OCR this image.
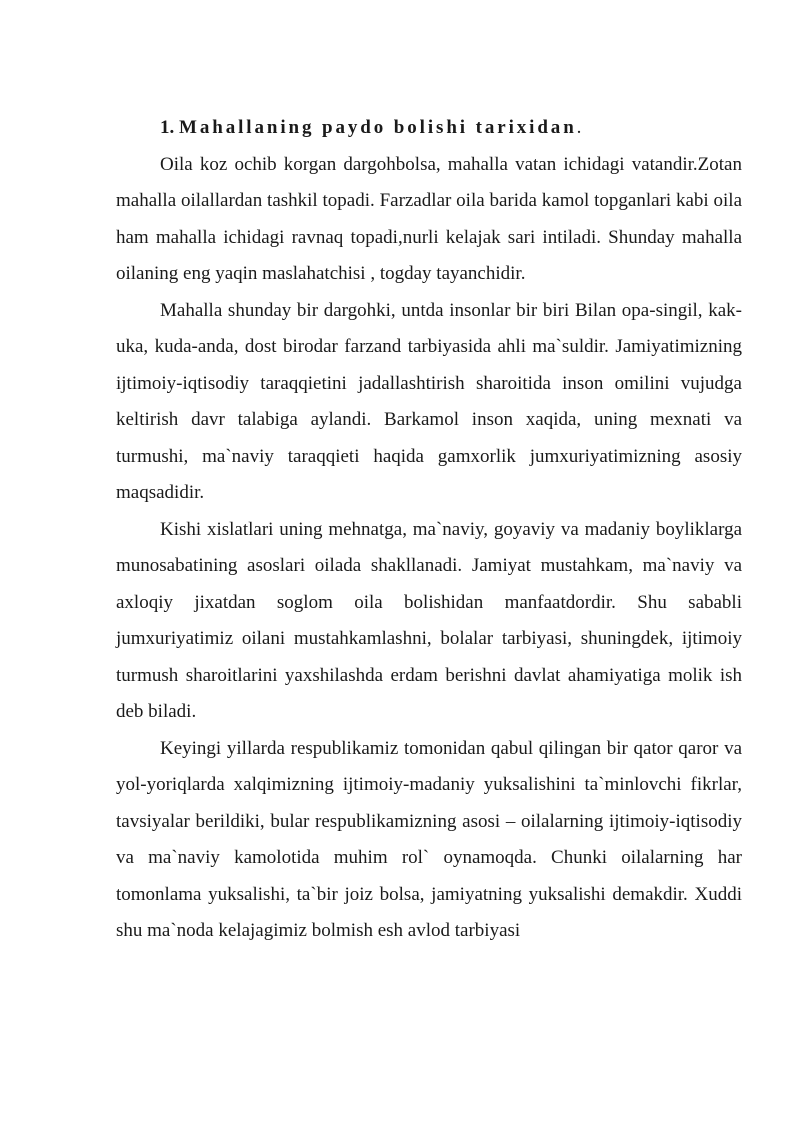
1. Mahallaning paydo bolishi tarixidan.

Oila koz ochib korgan dargohbolsa, mahalla vatan ichidagi vatandir.Zotan mahalla oilallardan tashkil topadi. Farzadlar oila barida kamol topganlari kabi oila ham mahalla ichidagi ravnaq topadi,nurli kelajak sari intiladi. Shunday mahalla oilaning eng yaqin maslahatchisi , togday tayanchidir.

Mahalla shunday bir dargohki, untda insonlar bir biri Bilan opa-singil, kak-uka, kuda-anda, dost birodar farzand tarbiyasida ahli ma`suldir. Jamiyatimizning ijtimoiy-iqtisodiy taraqqietini jadallashtirish sharoitida inson omilini vujudga keltirish davr talabiga aylandi. Barkamol inson xaqida, uning mexnati va turmushi, ma`naviy taraqqieti haqida gamxorlik jumxuriyatimizning asosiy maqsadidir.

Kishi xislatlari uning mehnatga, ma`naviy, goyaviy va madaniy boyliklarga munosabatining asoslari oilada shakllanadi. Jamiyat mustahkam, ma`naviy va axloqiy jixatdan soglom oila bolishidan manfaatdordir. Shu sababli jumxuriyatimiz oilani mustahkamlashni, bolalar tarbiyasi, shuningdek, ijtimoiy turmush sharoitlarini yaxshilashda erdam berishni davlat ahamiyatiga molik ish deb biladi.

Keyingi yillarda respublikamiz tomonidan qabul qilingan bir qator qaror va yol-yoriqlarda xalqimizning ijtimoiy-madaniy yuksalishini ta`minlovchi fikrlar, tavsiyalar berildiki, bular respublikamizning asosi – oilalarning ijtimoiy-iqtisodiy va ma`naviy kamolotida muhim rol` oynamoqda. Chunki oilalarning har tomonlama yuksalishi, ta`bir joiz bolsa, jamiyatning yuksalishi demakdir. Xuddi shu ma`noda kelajagimiz bolmish esh avlod tarbiyasi
